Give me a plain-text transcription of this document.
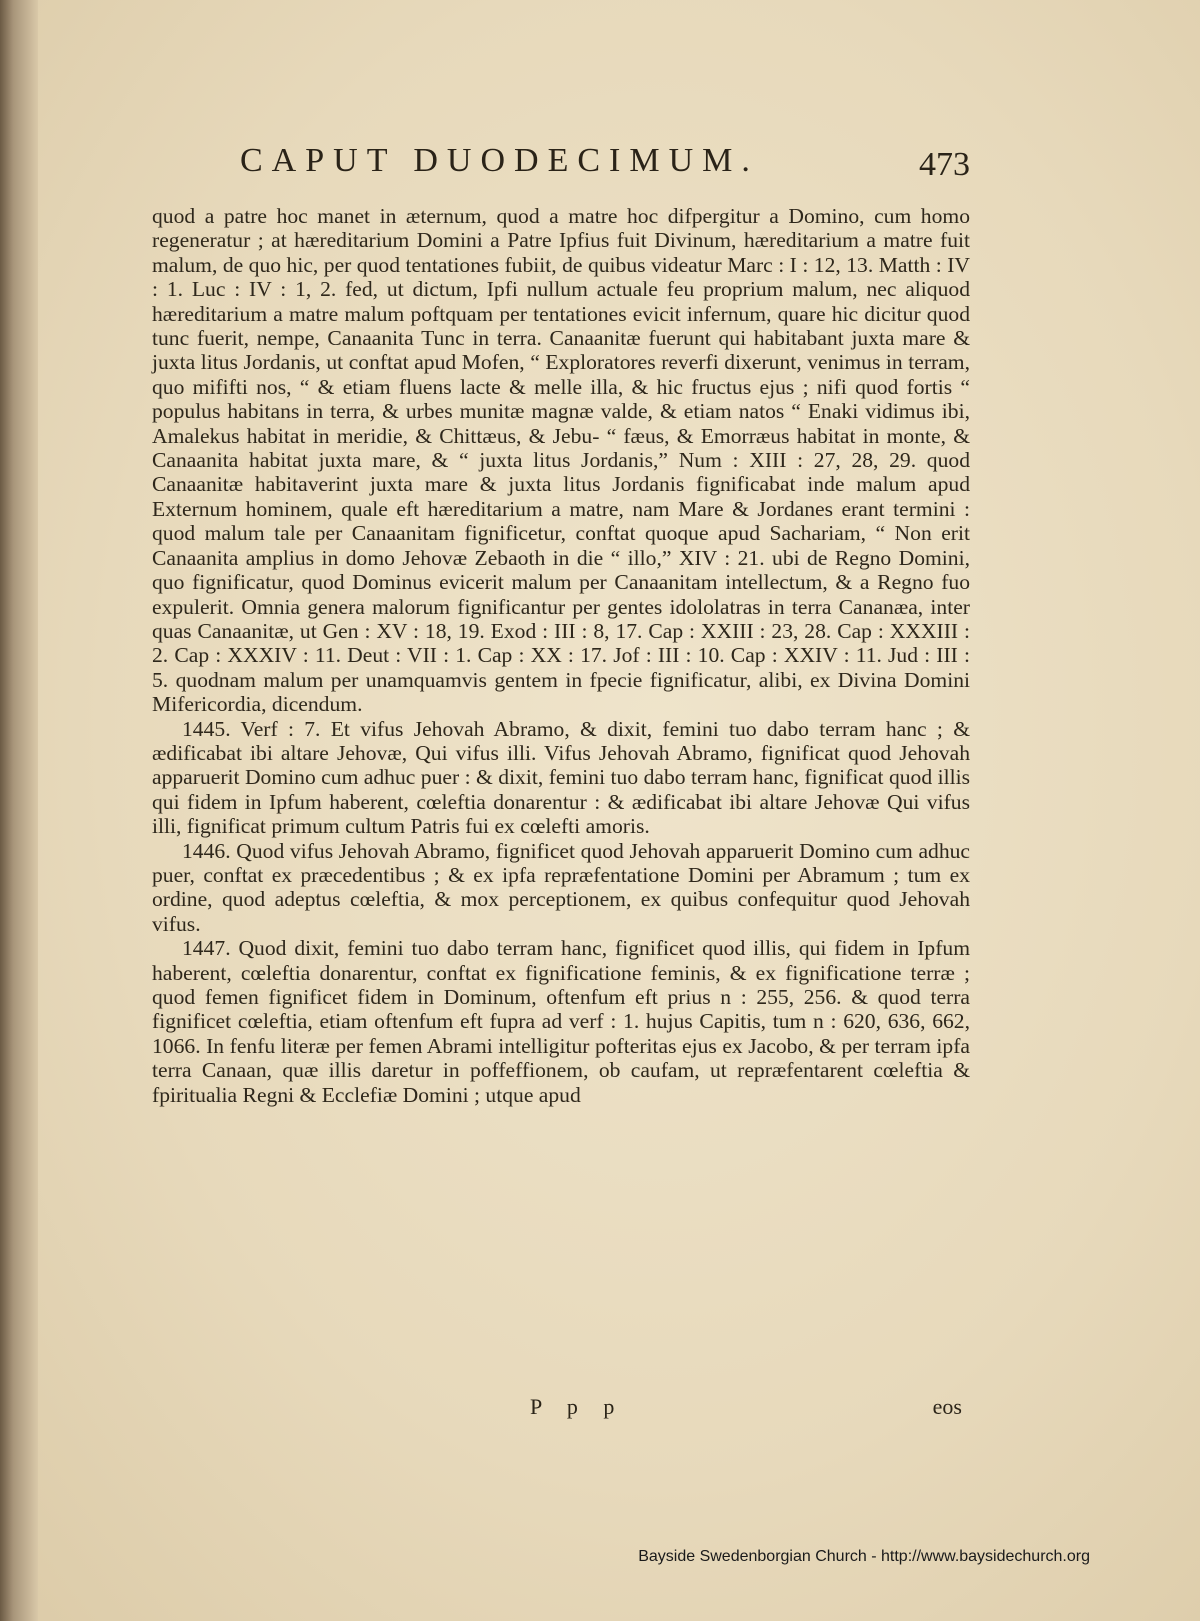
CAPUT DUODECIMUM.	473

quod a patre hoc manet in æternum, quod a matre hoc difpergitur a Domino, cum homo regeneratur ; at hæreditarium Domini a Patre Ipfius fuit Divinum, hæreditarium a matre fuit malum, de quo hic, per quod tentationes fubiit, de quibus videatur Marc : I : 12, 13. Matth : IV : 1. Luc : IV : 1, 2. fed, ut dictum, Ipfi nullum actuale feu proprium malum, nec aliquod hæreditarium a matre malum poftquam per tentationes evicit infernum, quare hic dicitur quod tunc fuerit, nempe, Canaanita Tunc in terra. Canaanitæ fuerunt qui habitabant juxta mare & juxta litus Jordanis, ut conftat apud Mofen, “ Exploratores reverfi dixerunt, venimus in terram, quo mififti nos, “ & etiam fluens lacte & melle illa, & hic fructus ejus ; nifi quod fortis “ populus habitans in terra, & urbes munitæ magnæ valde, & etiam natos “ Enaki vidimus ibi, Amalekus habitat in meridie, & Chittæus, & Jebu- “ fæus, & Emorræus habitat in monte, & Canaanita habitat juxta mare, & “ juxta litus Jordanis,” Num : XIII : 27, 28, 29. quod Canaanitæ habitaverint juxta mare & juxta litus Jordanis fignificabat inde malum apud Externum hominem, quale eft hæreditarium a matre, nam Mare & Jordanes erant termini : quod malum tale per Canaanitam fignificetur, conftat quoque apud Sachariam, “ Non erit Canaanita amplius in domo Jehovæ Zebaoth in die “ illo,” XIV : 21. ubi de Regno Domini, quo fignificatur, quod Dominus evicerit malum per Canaanitam intellectum, & a Regno fuo expulerit. Omnia genera malorum fignificantur per gentes idololatras in terra Cananæa, inter quas Canaanitæ, ut Gen : XV : 18, 19. Exod : III : 8, 17. Cap : XXIII : 23, 28. Cap : XXXIII : 2. Cap : XXXIV : 11. Deut : VII : 1. Cap : XX : 17. Jof : III : 10. Cap : XXIV : 11. Jud : III : 5. quodnam malum per unamquamvis gentem in fpecie fignificatur, alibi, ex Divina Domini Mifericordia, dicendum.

1445. Verf : 7. Et vifus Jehovah Abramo, & dixit, femini tuo dabo terram hanc ; & ædificabat ibi altare Jehovæ, Qui vifus illi. Vifus Jehovah Abramo, fignificat quod Jehovah apparuerit Domino cum adhuc puer : & dixit, femini tuo dabo terram hanc, fignificat quod illis qui fidem in Ipfum haberent, cœleftia donarentur : & ædificabat ibi altare Jehovæ Qui vifus illi, fignificat primum cultum Patris fui ex cœlefti amoris.

1446. Quod vifus Jehovah Abramo, fignificet quod Jehovah apparuerit Domino cum adhuc puer, conftat ex præcedentibus ; & ex ipfa repræfentatione Domini per Abramum ; tum ex ordine, quod adeptus cœleftia, & mox perceptionem, ex quibus confequitur quod Jehovah vifus.

1447. Quod dixit, femini tuo dabo terram hanc, fignificet quod illis, qui fidem in Ipfum haberent, cœleftia donarentur, conftat ex fignificatione feminis, & ex fignificatione terræ ; quod femen fignificet fidem in Dominum, oftenfum eft prius n : 255, 256. & quod terra fignificet cœleftia, etiam oftenfum eft fupra ad verf : 1. hujus Capitis, tum n : 620, 636, 662, 1066. In fenfu literæ per femen Abrami intelligitur pofteritas ejus ex Jacobo, & per terram ipfa terra Canaan, quæ illis daretur in poffeffionem, ob caufam, ut repræfentarent cœleftia & fpiritualia Regni & Ecclefiæ Domini ; utque apud

P p p	eos
Bayside Swedenborgian Church - http://www.baysidechurch.org
